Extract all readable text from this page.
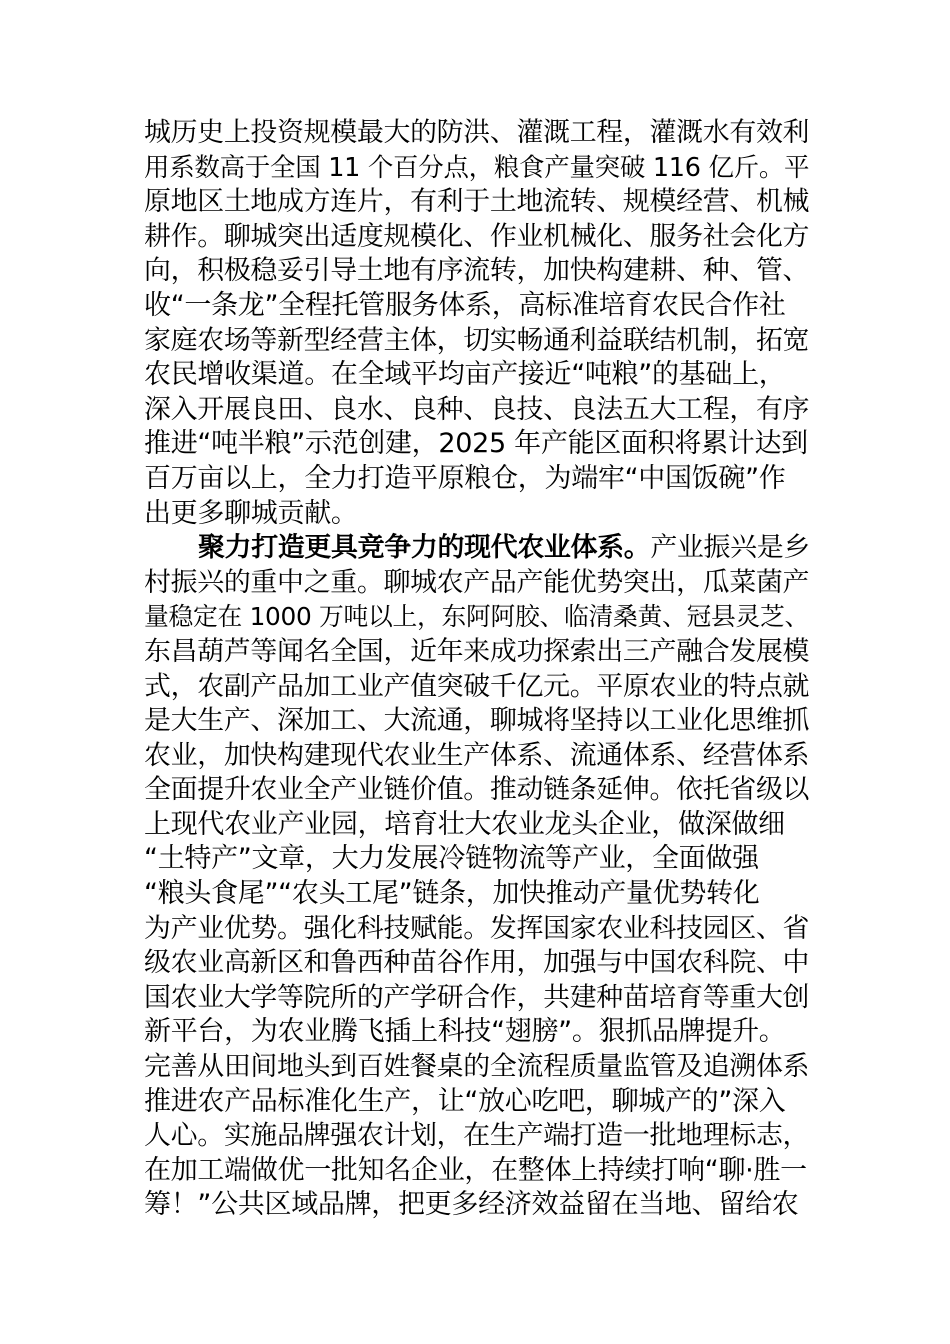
城历史上投资规模最大的防洪、灌溉工程，灌溉水有效利
用系数高于全国 11 个百分点，粮食产量突破 116 亿斤。平
原地区土地成方连片，有利于土地流转、规模经营、机械
耕作。聊城突出适度规模化、作业机械化、服务社会化方
向，积极稳妥引导土地有序流转，加快构建耕、种、管、
收“一条龙”全程托管服务体系，高标准培育农民合作社
家庭农场等新型经营主体，切实畅通利益联结机制，拓宽
农民增收渠道。在全域平均亩产接近“吨粮”的基础上，
深入开展良田、良水、良种、良技、良法五大工程，有序
推进“吨半粮”示范创建，2025 年产能区面积将累计达到
百万亩以上，全力打造平原粮仓，为端牢“中国饭碗”作
出更多聊城贡献。
聚力打造更具竞争力的现代农业体系。产业振兴是乡
村振兴的重中之重。聊城农产品产能优势突出，瓜菜菌产
量稳定在 1000 万吨以上，东阿阿胶、临清桑黄、冠县灵芝、
东昌葫芦等闻名全国，近年来成功探索出三产融合发展模
式，农副产品加工业产值突破千亿元。平原农业的特点就
是大生产、深加工、大流通，聊城将坚持以工业化思维抓
农业，加快构建现代农业生产体系、流通体系、经营体系
全面提升农业全产业链价值。推动链条延伸。依托省级以
上现代农业产业园，培育壮大农业龙头企业，做深做细
“土特产”文章，大力发展冷链物流等产业，全面做强
“粮头食尾”“农头工尾”链条，加快推动产量优势转化
为产业优势。强化科技赋能。发挥国家农业科技园区、省
级农业高新区和鲁西种苗谷作用，加强与中国农科院、中
国农业大学等院所的产学研合作，共建种苗培育等重大创
新平台，为农业腾飞插上科技“翅膀”。狠抓品牌提升。
完善从田间地头到百姓餐桌的全流程质量监管及追溯体系
推进农产品标准化生产，让“放心吃吧，聊城产的”深入
人心。实施品牌强农计划，在生产端打造一批地理标志，
在加工端做优一批知名企业，在整体上持续打响“聊·胜一
筹！”公共区域品牌，把更多经济效益留在当地、留给农
